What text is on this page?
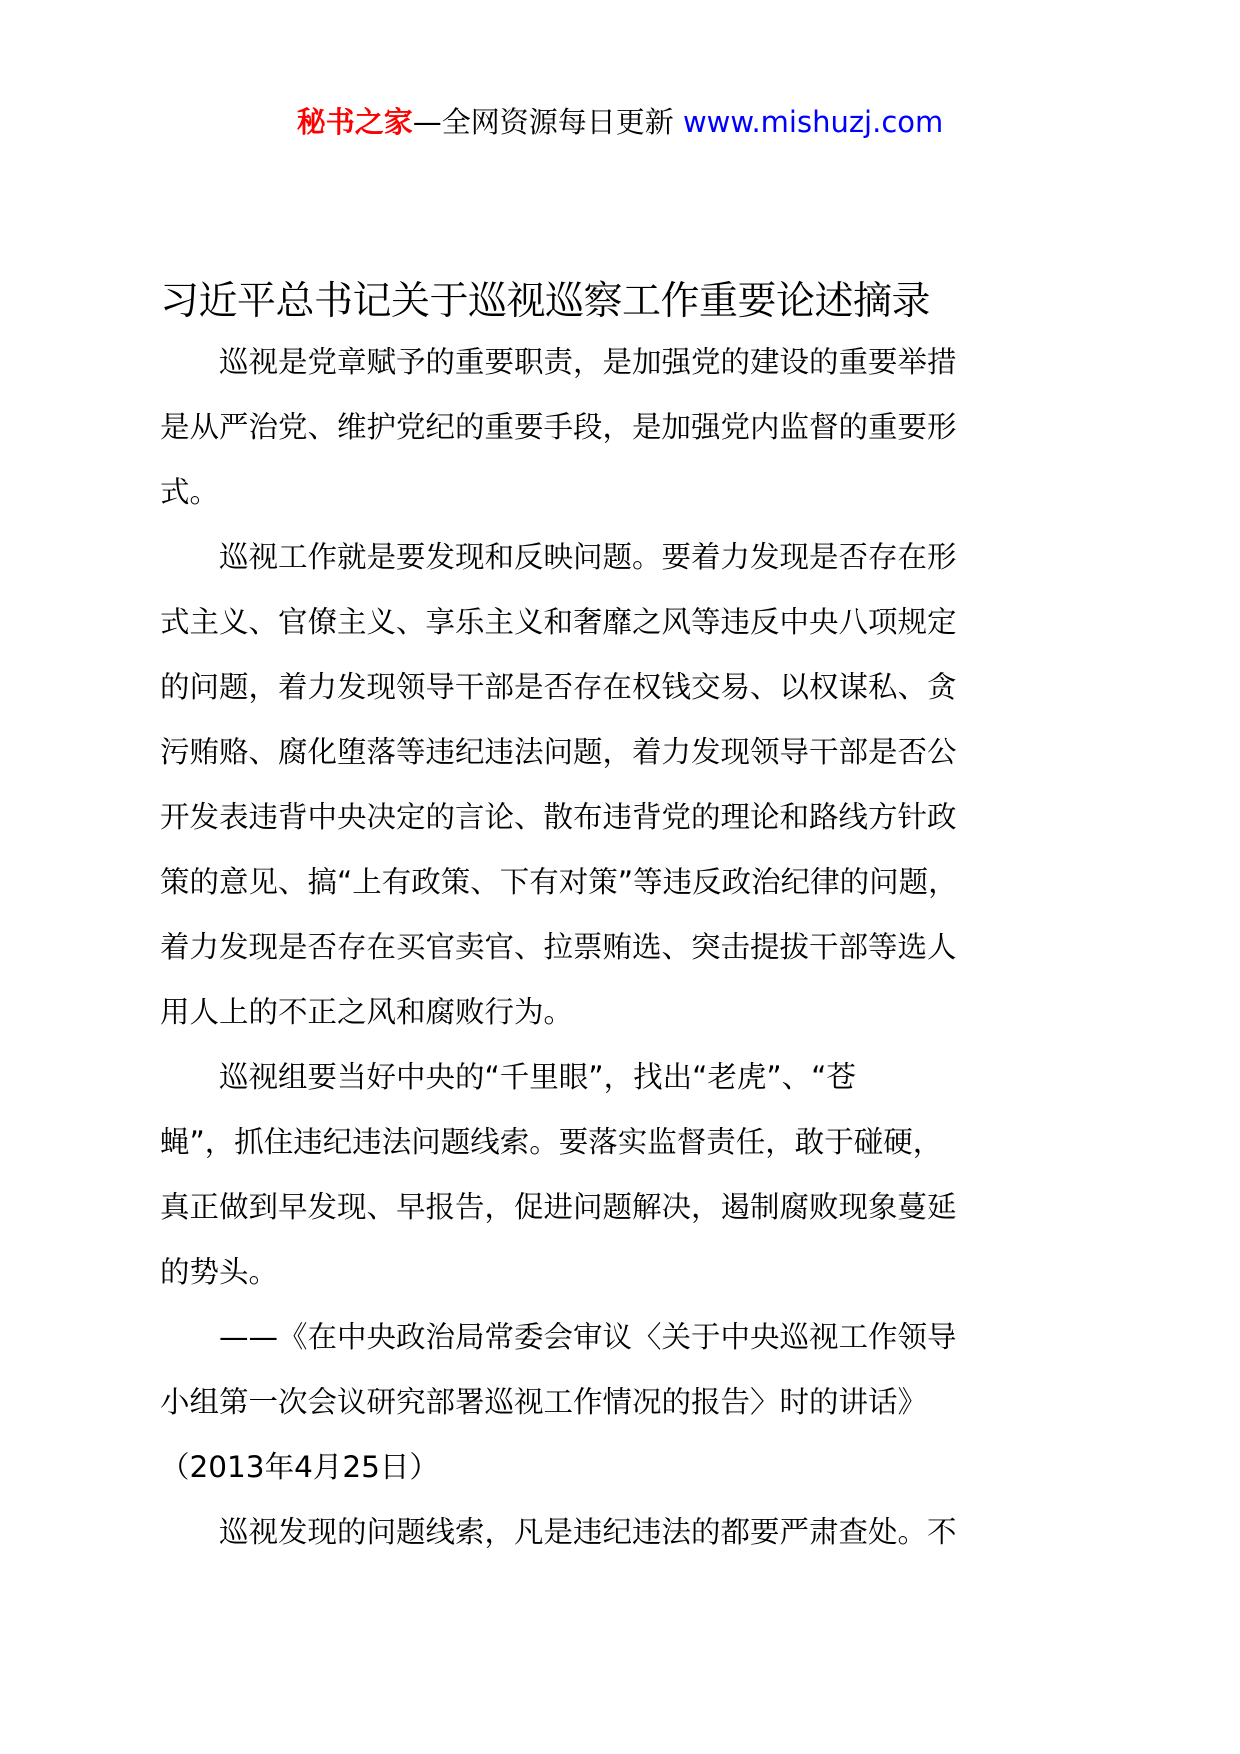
秘书之家—全网资源每日更新 www.mishuzj.com
习近平总书记关于巡视巡察工作重要论述摘录

巡视是党章赋予的重要职责，是加强党的建设的重要举措
是从严治党、维护党纪的重要手段，是加强党内监督的重要形
式。

巡视工作就是要发现和反映问题。要着力发现是否存在形
式主义、官僚主义、享乐主义和奢靡之风等违反中央八项规定
的问题，着力发现领导干部是否存在权钱交易、以权谋私、贪
污贿赂、腐化堕落等违纪违法问题，着力发现领导干部是否公
开发表违背中央决定的言论、散布违背党的理论和路线方针政
策的意见、搞“上有政策、下有对策”等违反政治纪律的问题，
着力发现是否存在买官卖官、拉票贿选、突击提拔干部等选人
用人上的不正之风和腐败行为。

巡视组要当好中央的“千里眼”，找出“老虎”、“苍
蝇”，抓住违纪违法问题线索。要落实监督责任，敢于碰硬，
真正做到早发现、早报告，促进问题解决，遏制腐败现象蔓延
的势头。

——《在中央政治局常委会审议〈关于中央巡视工作领导
小组第一次会议研究部署巡视工作情况的报告〉时的讲话》
（2013年4月25日）

巡视发现的问题线索，凡是违纪违法的都要严肃查处。不
